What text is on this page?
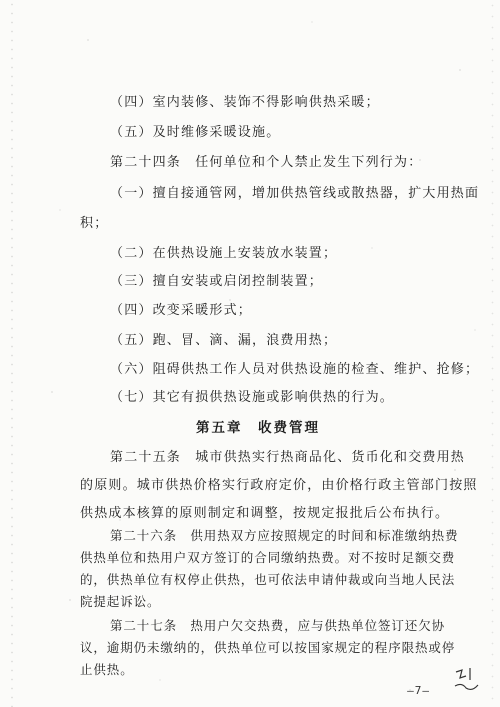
（四）室内装修、装饰不得影响供热采暖；
（五）及时维修采暖设施。
第二十四条　任何单位和个人禁止发生下列行为：
（一）擅自接通管网，增加供热管线或散热器，扩大用热面
积；
（二）在供热设施上安装放水装置；
（三）擅自安装或启闭控制装置；
（四）改变采暖形式；
（五）跑、冒、滴、漏，浪费用热；
（六）阻碍供热工作人员对供热设施的检查、维护、抢修；
（七）其它有损供热设施或影响供热的行为。
第五章　收费管理
第二十五条　城市供热实行热商品化、货币化和交费用热
的原则。城市供热价格实行政府定价，由价格行政主管部门按照
供热成本核算的原则制定和调整，按规定报批后公布执行。
—7—
第二十六条　供用热双方应按照规定的时间和标准缴纳热费
供热单位和热用户双方签订的合同缴纳热费。对不按时足额交费
的，供热单位有权停止供热，也可依法申请仲裁或向当地人民法
院提起诉讼。
第二十七条　热用户欠交热费，应与供热单位签订还欠协
议，逾期仍未缴纳的，供热单位可以按国家规定的程序限热或停
止供热。
